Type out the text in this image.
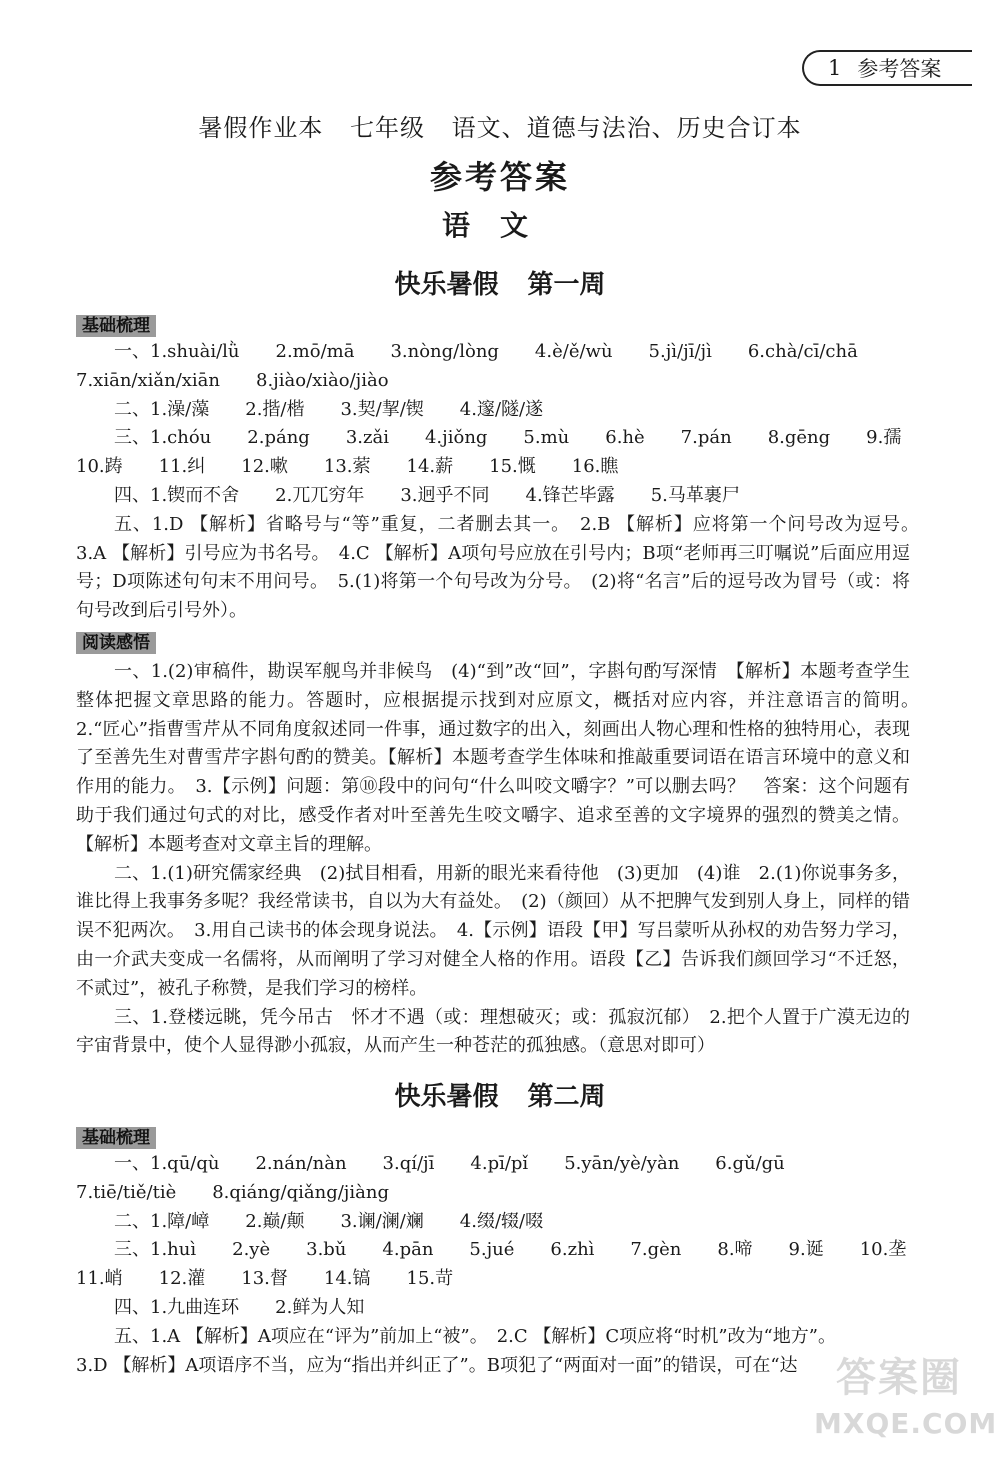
1 参考答案
暑假作业本 七年级 语文、道德与法治、历史合订本
参考答案
语文
快乐暑假 第一周
基础梳理

一、1.shuài/lǜ　　2.mō/mā　　3.nòng/lòng　　4.è/ě/wù　　5.jì/jī/jì　　6.chà/cī/chā

7.xiān/xiǎn/xiān　　8.jiào/xiào/jiào

二、1.澡/藻　　2.揩/楷　　3.契/挈/锲　　4.邃/隧/遂

三、1.chóu　　2.páng　　3.zǎi　　4.jiǒng　　5.mù　　6.hè　　7.pán　　8.gēng　　9.孺

10.踌　　11.纠　　12.嗽　　13.萦　　14.薪　　15.慨　　16.瞧

四、1.锲而不舍　　2.兀兀穷年　　3.迥乎不同　　4.锋芒毕露　　5.马革裹尸

五、1.D 【解析】省略号与“等”重复，二者删去其一。　2.B 【解析】应将第一个问号改为逗号。　3.A 【解析】引号应为书名号。　4.C 【解析】A项句号应放在引号内；B项“老师再三叮嘱说”后面应用逗号；D项陈述句句末不用问号。　5.(1)将第一个句号改为分号。　(2)将“名言”后的逗号改为冒号（或：将句号改到后引号外）。

阅读感悟

一、1.(2)审稿件，勘误军舰鸟并非候鸟　(4)“到”改“回”，字斟句酌写深情　【解析】本题考查学生整体把握文章思路的能力。答题时，应根据提示找到对应原文，概括对应内容，并注意语言的简明。　2.“匠心”指曹雪芹从不同角度叙述同一件事，通过数字的出入，刻画出人物心理和性格的独特用心，表现了至善先生对曹雪芹字斟句酌的赞美。【解析】本题考查学生体味和推敲重要词语在语言环境中的意义和作用的能力。　3.【示例】问题：第⑩段中的问句“什么叫咬文嚼字？”可以删去吗？　答案：这个问题有助于我们通过句式的对比，感受作者对叶至善先生咬文嚼字、追求至善的文字境界的强烈的赞美之情。【解析】本题考查对文章主旨的理解。

二、1.(1)研究儒家经典　(2)拭目相看，用新的眼光来看待他　(3)更加　(4)谁　2.(1)你说事务多，谁比得上我事务多呢？我经常读书，自以为大有益处。　(2)（颜回）从不把脾气发到别人身上，同样的错误不犯两次。　3.用自己读书的体会现身说法。　4.【示例】语段【甲】写吕蒙听从孙权的劝告努力学习，由一介武夫变成一名儒将，从而阐明了学习对健全人格的作用。语段【乙】告诉我们颜回学习“不迁怒，不贰过”，被孔子称赞，是我们学习的榜样。

三、1.登楼远眺，凭今吊古　怀才不遇（或：理想破灭；或：孤寂沉郁）　2.把个人置于广漠无边的宇宙背景中，使个人显得渺小孤寂，从而产生一种苍茫的孤独感。（意思对即可）

快乐暑假 第二周
基础梳理

一、1.qū/qù　　2.nán/nàn　　3.qí/jī　　4.pī/pǐ　　5.yān/yè/yàn　　6.gǔ/gū

7.tiē/tiě/tiè　　8.qiáng/qiǎng/jiàng

二、1.障/嶂　　2.巅/颠　　3.谰/澜/斓　　4.缀/辍/啜

三、1.huì　　2.yè　　3.bǔ　　4.pān　　5.jué　　6.zhì　　7.gèn　　8.啼　　9.诞　　10.垄

11.峭　　12.灌　　13.督　　14.镐　　15.苛

四、1.九曲连环　　2.鲜为人知

五、1.A 【解析】A项应在“评为”前加上“被”。　2.C 【解析】C项应将“时机”改为“地方”。

3.D 【解析】A项语序不当，应为“指出并纠正了”。B项犯了“两面对一面”的错误，可在“达 答案圈
MXQE.COM
